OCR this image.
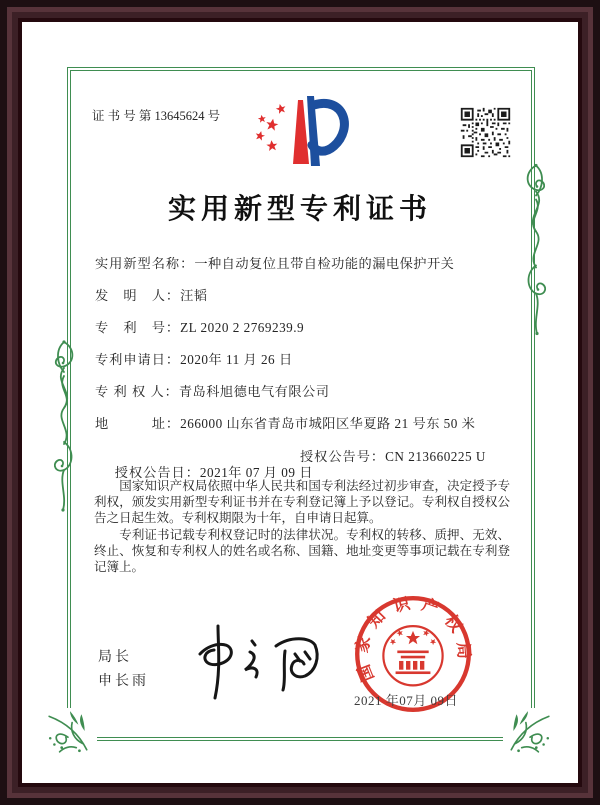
证 书 号 第 13645624 号
实用新型专利证书
实用新型名称：一种自动复位且带自检功能的漏电保护开关
发　明　人：汪韬
专　利　号：ZL 2020 2 2769239.9
专利申请日：2020年 11 月 26 日
专 利 权 人：青岛科旭德电气有限公司
地　　　址：266000 山东省青岛市城阳区华夏路 21 号东 50 米

授权公告日：2021年 07 月 09 日

授权公告号：CN 213660225 U

　　国家知识产权局依照中华人民共和国专利法经过初步审查，决定授予专利权，颁发实用新型专利证书并在专利登记簿上予以登记。专利权自授权公告之日起生效。专利权期限为十年，自申请日起算。

　　专利证书记载专利权登记时的法律状况。专利权的转移、质押、无效、终止、恢复和专利权人的姓名或名称、国籍、地址变更等事项记载在专利登记簿上。

局长
申长雨	国家知识产权局
2021 年07月 09日
